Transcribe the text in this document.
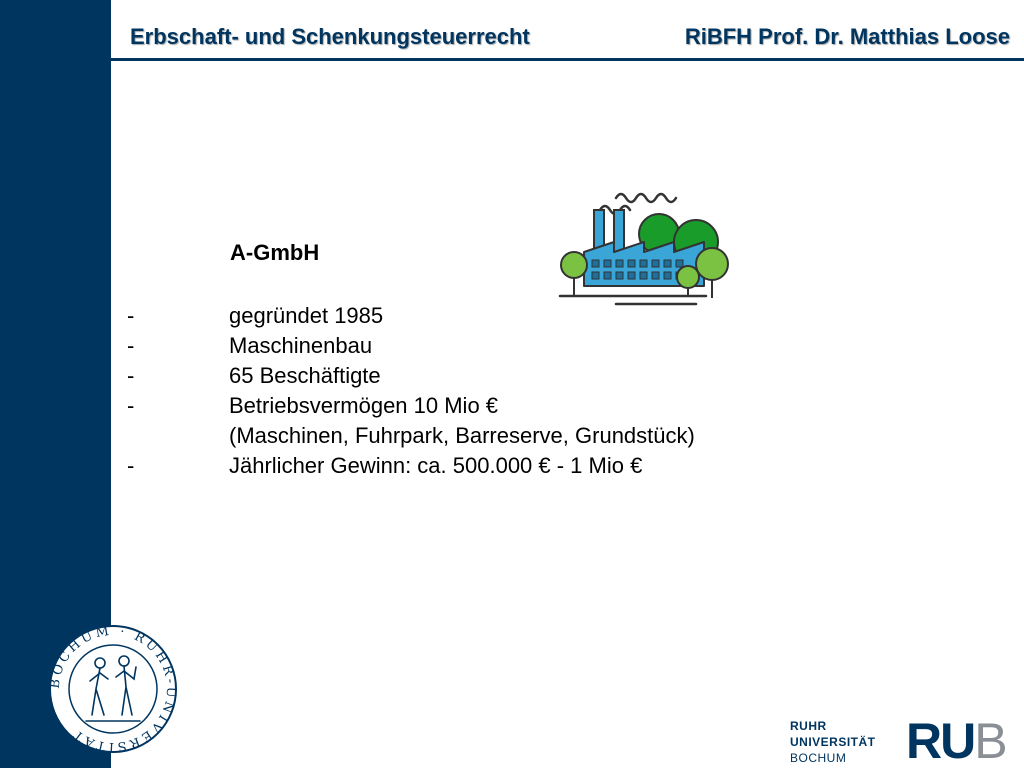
Erbschaft- und Schenkungsteuerrecht	RiBFH Prof. Dr. Matthias Loose
A-GmbH
-	gegründet 1985
-	Maschinenbau
-	65 Beschäftigte
-	Betriebsvermögen 10 Mio €
(Maschinen, Fuhrpark, Barreserve, Grundstück)
-	Jährlicher Gewinn: ca. 500.000 € - 1 Mio €
BOCHUM · RUHR-UNIVERSITÄT	RUHR
UNIVERSITÄT
BOCHUM	RUB
